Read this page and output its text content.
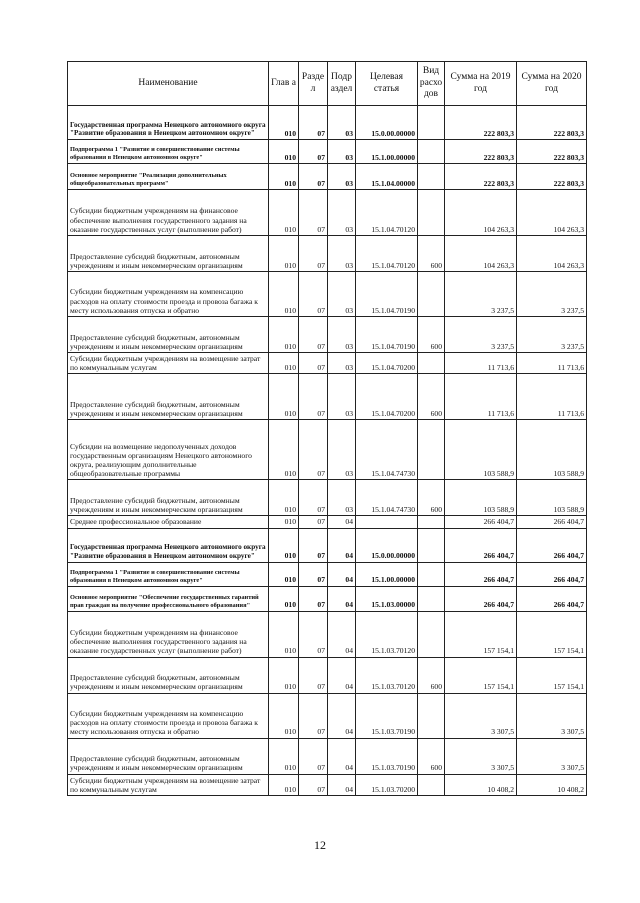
Наименование	Глав а	Разде л	Подр аздел	Целевая статья	Вид расхо дов	Сумма на 2019 год	Сумма на 2020 год
Государственная программа Ненецкого автономного округа "Развитие образования в Ненецком автономном округе"	010	07	03	15.0.00.00000		222 803,3	222 803,3
Подпрограмма 1 "Развитие и совершенствование системы образования в Ненецком автономном округе"	010	07	03	15.1.00.00000		222 803,3	222 803,3
Основное мероприятие "Реализация дополнительных общеобразовательных программ"	010	07	03	15.1.04.00000		222 803,3	222 803,3
Субсидии бюджетным учреждениям на финансовое обеспечение выполнения государственного задания на оказание государственных услуг (выполнение работ)	010	07	03	15.1.04.70120		104 263,3	104 263,3
Предоставление субсидий бюджетным, автономным учреждениям и иным некоммерческим организациям	010	07	03	15.1.04.70120	600	104 263,3	104 263,3
Субсидии бюджетным учреждениям на компенсацию расходов на оплату стоимости проезда и провоза багажа к месту использования отпуска и обратно	010	07	03	15.1.04.70190		3 237,5	3 237,5
Предоставление субсидий бюджетным, автономным учреждениям и иным некоммерческим организациям	010	07	03	15.1.04.70190	600	3 237,5	3 237,5
Субсидии бюджетным учреждениям на возмещение затрат по коммунальным услугам	010	07	03	15.1.04.70200		11 713,6	11 713,6
Предоставление субсидий бюджетным, автономным учреждениям и иным некоммерческим организациям	010	07	03	15.1.04.70200	600	11 713,6	11 713,6
Субсидии на возмещение недополученных доходов государственным организациям Ненецкого автономного округа, реализующим дополнительные общеобразовательные программы	010	07	03	15.1.04.74730		103 588,9	103 588,9
Предоставление субсидий бюджетным, автономным учреждениям и иным некоммерческим организациям	010	07	03	15.1.04.74730	600	103 588,9	103 588,9
Среднее профессиональное образование	010	07	04			266 404,7	266 404,7
Государственная программа Ненецкого автономного округа "Развитие образования в Ненецком автономном округе"	010	07	04	15.0.00.00000		266 404,7	266 404,7
Подпрограмма 1 "Развитие и совершенствование системы образования в Ненецком автономном округе"	010	07	04	15.1.00.00000		266 404,7	266 404,7
Основное мероприятие "Обеспечение государственных гарантий прав граждан на получение профессионального образования"	010	07	04	15.1.03.00000		266 404,7	266 404,7
Субсидии бюджетным учреждениям на финансовое обеспечение выполнения государственного задания на оказание государственных услуг (выполнение работ)	010	07	04	15.1.03.70120		157 154,1	157 154,1
Предоставление субсидий бюджетным, автономным учреждениям и иным некоммерческим организациям	010	07	04	15.1.03.70120	600	157 154,1	157 154,1
Субсидии бюджетным учреждениям на компенсацию расходов на оплату стоимости проезда и провоза багажа к месту использования отпуска и обратно	010	07	04	15.1.03.70190		3 307,5	3 307,5
Предоставление субсидий бюджетным, автономным учреждениям и иным некоммерческим организациям	010	07	04	15.1.03.70190	600	3 307,5	3 307,5
Субсидии бюджетным учреждениям на возмещение затрат по коммунальным услугам	010	07	04	15.1.03.70200		10 408,2	10 408,2
12
